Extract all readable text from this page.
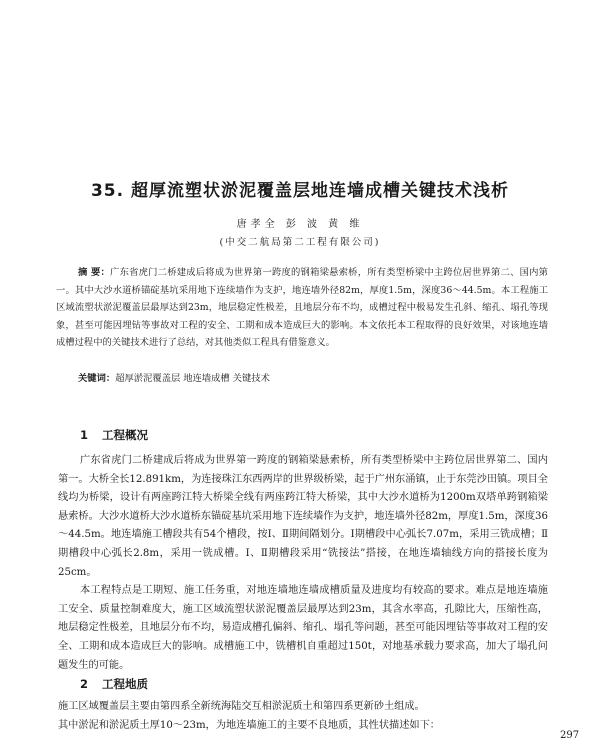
35. 超厚流塑状淤泥覆盖层地连墙成槽关键技术浅析

唐孝全 彭 波 黄 维

(中交二航局第二工程有限公司)

摘 要：广东省虎门二桥建成后将成为世界第一跨度的钢箱梁悬索桥，所有类型桥梁中主跨位居世界第二、国内第一。其中大沙水道桥锚碇基坑采用地下连续墙作为支护，地连墙外径82m，厚度1.5m，深度36～44.5m。本工程施工区域流塑状淤泥覆盖层最厚达到23m，地层稳定性极差，且地层分布不均，成槽过程中极易发生孔斜、缩孔、塌孔等现象，甚至可能因埋钻等事故对工程的安全、工期和成本造成巨大的影响。本文依托本工程取得的良好效果，对该地连墙成槽过程中的关键技术进行了总结，对其他类似工程具有借鉴意义。

关键词：超厚淤泥覆盖层 地连墙成槽 关键技术

1 工程概况

广东省虎门二桥建成后将成为世界第一跨度的钢箱梁悬索桥，所有类型桥梁中主跨位居世界第二、国内第一。大桥全长12.891km，为连接珠江东西两岸的世界级桥梁，起于广州东涌镇，止于东莞沙田镇。项目全线均为桥梁，设计有两座跨江特大桥梁全线有两座跨江特大桥梁，其中大沙水道桥为1200m双塔单跨钢箱梁悬索桥。大沙水道桥大沙水道桥东锚碇基坑采用地下连续墙作为支护，地连墙外径82m，厚度1.5m，深度36～44.5m。地连墙施工槽段共有54个槽段，按Ⅰ、Ⅱ期间隔划分。Ⅰ期槽段中心弧长7.07m，采用三铣成槽；Ⅱ期槽段中心弧长2.8m，采用一铣成槽。Ⅰ、Ⅱ期槽段采用“铣接法”搭接，在地连墙轴线方向的搭接长度为25cm。

本工程特点是工期短、施工任务重，对地连墙地连墙成槽质量及进度均有较高的要求。难点是地连墙施工安全、质量控制难度大，施工区域流塑状淤泥覆盖层最厚达到23m，其含水率高，孔隙比大，压缩性高，地层稳定性极差，且地层分布不均，易造成槽孔偏斜、缩孔、塌孔等问题，甚至可能因埋钻等事故对工程的安全、工期和成本造成巨大的影响。成槽施工中，铣槽机自重超过150t，对地基承载力要求高，加大了塌孔问题发生的可能。

2 工程地质

施工区域覆盖层主要由第四系全新统海陆交互相淤泥质土和第四系更新砂土组成。

其中淤泥和淤泥质土厚10～23m，为地连墙施工的主要不良地质，其性状描述如下：

297
